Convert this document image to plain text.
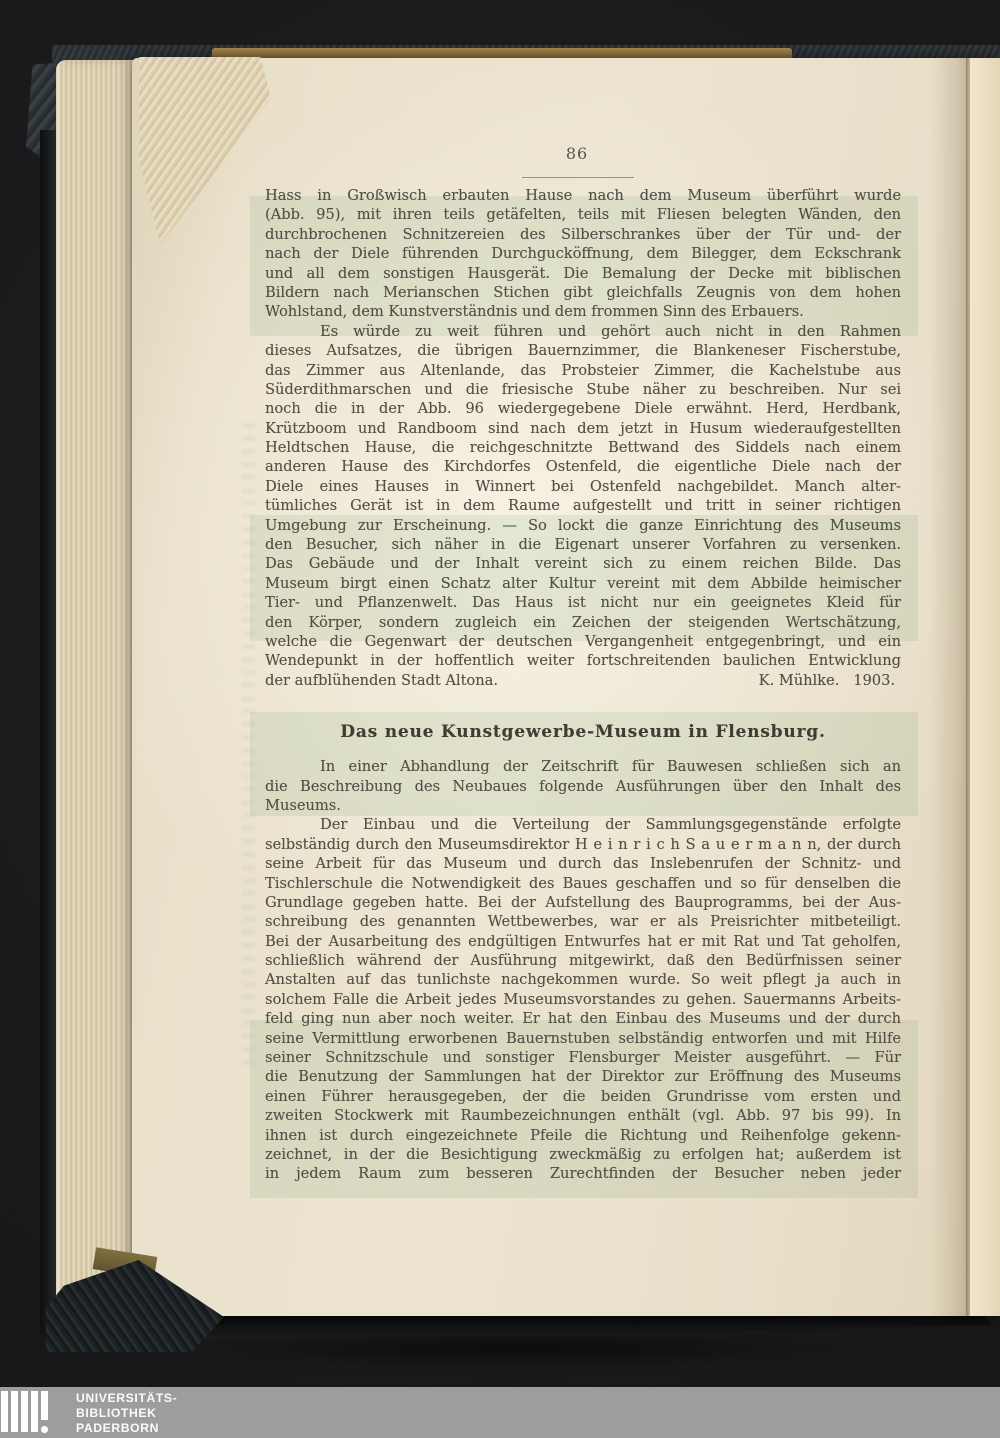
86
Hass in Großwisch erbauten Hause nach dem Museum überführt wurde
(Abb. 95), mit ihren teils getäfelten, teils mit Fliesen belegten Wänden, den
durchbrochenen Schnitzereien des Silberschrankes über der Tür und- der
nach der Diele führenden Durchgucköffnung, dem Bilegger, dem Eckschrank
und all dem sonstigen Hausgerät. Die Bemalung der Decke mit biblischen
Bildern nach Merianschen Stichen gibt gleichfalls Zeugnis von dem hohen
Wohlstand, dem Kunstverständnis und dem frommen Sinn des Erbauers.
Es würde zu weit führen und gehört auch nicht in den Rahmen
dieses Aufsatzes, die übrigen Bauernzimmer, die Blankeneser Fischerstube,
das Zimmer aus Altenlande, das Probsteier Zimmer, die Kachelstube aus
Süderdithmarschen und die friesische Stube näher zu beschreiben. Nur sei
noch die in der Abb. 96 wiedergegebene Diele erwähnt. Herd, Herdbank,
Krützboom und Randboom sind nach dem jetzt in Husum wiederaufgestellten
Heldtschen Hause, die reichgeschnitzte Bettwand des Siddels nach einem
anderen Hause des Kirchdorfes Ostenfeld, die eigentliche Diele nach der
Diele eines Hauses in Winnert bei Ostenfeld nachgebildet. Manch alter-
tümliches Gerät ist in dem Raume aufgestellt und tritt in seiner richtigen
Umgebung zur Erscheinung. — So lockt die ganze Einrichtung des Museums
den Besucher, sich näher in die Eigenart unserer Vorfahren zu versenken.
Das Gebäude und der Inhalt vereint sich zu einem reichen Bilde. Das
Museum birgt einen Schatz alter Kultur vereint mit dem Abbilde heimischer
Tier- und Pflanzenwelt. Das Haus ist nicht nur ein geeignetes Kleid für
den Körper, sondern zugleich ein Zeichen der steigenden Wertschätzung,
welche die Gegenwart der deutschen Vergangenheit entgegenbringt, und ein
Wendepunkt in der hoffentlich weiter fortschreitenden baulichen Entwicklung
der aufblühenden Stadt Altona.	K. Mühlke.   1903.
Das neue Kunstgewerbe-Museum in Flensburg.
In einer Abhandlung der Zeitschrift für Bauwesen schließen sich an
die Beschreibung des Neubaues folgende Ausführungen über den Inhalt des
Museums.
Der Einbau und die Verteilung der Sammlungsgegenstände erfolgte
selbständig durch den Museumsdirektor H e i n r i c h S a u e r m a n n, der durch
seine Arbeit für das Museum und durch das Inslebenrufen der Schnitz- und
Tischlerschule die Notwendigkeit des Baues geschaffen und so für denselben die
Grundlage gegeben hatte. Bei der Aufstellung des Bauprogramms, bei der Aus-
schreibung des genannten Wettbewerbes, war er als Preisrichter mitbeteiligt.
Bei der Ausarbeitung des endgültigen Entwurfes hat er mit Rat und Tat geholfen,
schließlich während der Ausführung mitgewirkt, daß den Bedürfnissen seiner
Anstalten auf das tunlichste nachgekommen wurde. So weit pflegt ja auch in
solchem Falle die Arbeit jedes Museumsvorstandes zu gehen. Sauermanns Arbeits-
feld ging nun aber noch weiter. Er hat den Einbau des Museums und der durch
seine Vermittlung erworbenen Bauernstuben selbständig entworfen und mit Hilfe
seiner Schnitzschule und sonstiger Flensburger Meister ausgeführt. — Für
die Benutzung der Sammlungen hat der Direktor zur Eröffnung des Museums
einen Führer herausgegeben, der die beiden Grundrisse vom ersten und
zweiten Stockwerk mit Raumbezeichnungen enthält (vgl. Abb. 97 bis 99). In
ihnen ist durch eingezeichnete Pfeile die Richtung und Reihenfolge gekenn-
zeichnet, in der die Besichtigung zweckmäßig zu erfolgen hat; außerdem ist
in jedem Raum zum besseren Zurechtfinden der Besucher neben jeder
UNIVERSITÄTS-
BIBLIOTHEK
PADERBORN
